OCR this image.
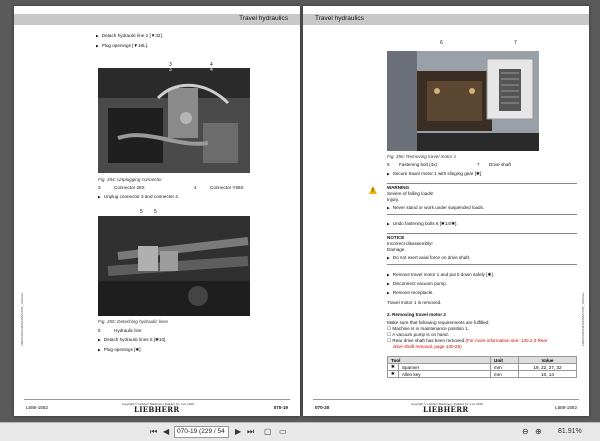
Travel hydraulics
LMH/C/94/AN/DA/CBA/HT/0F_1/10A/en
▶ Detach hydraulic line 2 [▼32].
▶ Plug openings [▼18L].
3	4
3	4
Fig. 354: Unplugging connector
3	Connector 26X	4	Connector Y58X
▶ Unplug connector 3 and connector 4.
5 5
Fig. 355: Detaching hydraulic lines
5	Hydraulic line
▶ Detach hydraulic lines 5 [✱10].
▶ Plug openings [✱].
L586-1562
copyright © Liebherr Machinery (Dalian) Co. Ltd. 2016
LIEBHERR	070-19
Travel hydraulics
LMH/C/94/AN/DA/CBA/HT/0F_1/10A/en
6	7
Fig. 356: Removing travel motor 1
6 Fastening bolt (4x)	7 Drive shaft
▶ Secure travel motor 1 with slinging gear [✱].
!
WARNING
Severe of falling loads!
Injury.
▶ Never stand or work under suspended loads.
▶ Undo fastening bolts 6 [✱14/✱].
NOTICE
Incorrect disassembly!
Damage.
▶ Do not exert axial force on drive shaft.
▶ Remove travel motor 1 and put it down safely [✱].
▶ Disconnect vacuum pump.
▶ Remove receptacle.
Travel motor 1 is removed.
2. Removing travel motor 2
Make sure that following requirements are fulfilled:
☐ Machine is in maintenance position 1.
☐ A vacuum pump is on hand.
☐ Rear drive shaft has been removed (For more information see: 130.2.3 Rear
drive shaft removal, page 130-25)
Tool		Unit	Value
✱	Spanner	mm	19, 22, 27, 32
✱	Allen key	mm	10, 14
070-20
copyright © Liebherr Machinery (Dalian) Co. Ltd. 2016
LIEBHERR	L586-1562
⏮ ◀	070-19 (229 / 54	▶ ⏭ ▢ ▭	⊖ ⊕ 81.91%
